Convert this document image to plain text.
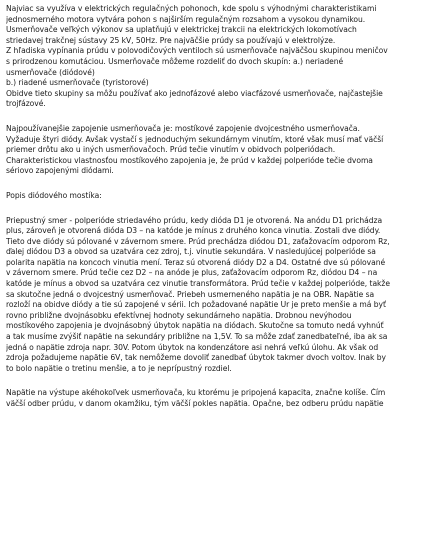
Najviac sa využíva v elektrických regulačných pohonoch, kde spolu s výhodnými charakteristikami
jednosmerného motora vytvára pohon s najširším regulačným rozsahom a vysokou dynamikou.
Usmerňovače veľkých výkonov sa uplatňujú v elektrickej trakcii na elektrických lokomotívach
striedavej trakčnej sústavy 25 kV, 50Hz. Pre najväčšie prúdy sa používajú v elektrolýze.
Z hľadiska vypínania prúdu v polovodičových ventiloch sú usmerňovače najväčšou skupinou meničov
s prirodzenou komutáciou. Usmerňovače môžeme rozdeliť do dvoch skupín: a.) neriadené
usmerňovače (diódové)
b.) riadené usmerňovače (tyristorové)
Obidve tieto skupiny sa môžu používať ako jednofázové alebo viacfázové usmerňovače, najčastejšie
trojfázové.
Najpoužívanejšie zapojenie usmerňovača je: mostíkové zapojenie dvojcestného usmerňovača.
Vyžaduje štyri diódy. Avšak vystačí s jednoduchým sekundárnym vinutím, ktoré však musí mať väčší
priemer drôtu ako u iných usmerňovačoch. Prúd tečie vinutím v obidvoch polperiódach.
Charakteristickou vlastnosťou mostíkového zapojenia je, že prúd v každej polperióde tečie dvoma
sériovo zapojenými diódami.
Popis diódového mostíka:
Priepustný smer - polperióde striedavého prúdu, kedy dióda D1 je otvorená. Na anódu D1 prichádza
plus, zároveň je otvorená dióda D3 – na katóde je mínus z druhého konca vinutia. Zostali dve diódy.
Tieto dve diódy sú pólované v závernom smere. Prúd prechádza diódou D1, zaťažovacím odporom Rz,
ďalej diódou D3 a obvod sa uzatvára cez zdroj, t.j. vinutie sekundára. V nasledujúcej polperióde sa
polarita napätia na koncoch vinutia mení. Teraz sú otvorená diódy D2 a D4. Ostatné dve sú pólované
v závernom smere. Prúd tečie cez D2 – na anóde je plus, zaťažovacím odporom Rz, diódou D4 – na
katóde je mínus a obvod sa uzatvára cez vinutie transformátora. Prúd tečie v každej polperióde, takže
sa skutočne jedná o dvojcestný usmerňovač. Priebeh usmerneného napätia je na OBR. Napätie sa
rozloží na obidve diódy a tie sú zapojené v sérii. Ich požadované napätie Ur je preto menšie a má byť
rovno približne dvojnásobku efektívnej hodnoty sekundárneho napätia. Drobnou nevýhodou
mostíkového zapojenia je dvojnásobný úbytok napätia na diódach. Skutočne sa tomuto nedá vyhnúť
a tak musíme zvýšiť napätie na sekundáry približne na 1,5V. To sa môže zdať zanedbateľné, iba ak sa
jedná o napätie zdroja napr. 30V. Potom úbytok na kondenzátore asi nehrá veľkú úlohu. Ak však od
zdroja požadujeme napätie 6V, tak nemôžeme dovoliť zanedbať úbytok takmer dvoch voltov. Inak by
to bolo napätie o tretinu menšie, a to je neprípustný rozdiel.
Napätie na výstupe akéhokoľvek usmerňovača, ku ktorému je pripojená kapacita, značne kolíše. Čím
väčší odber prúdu, v danom okamžiku, tým väčší pokles napätia. Opačne, bez odberu prúdu napätie
